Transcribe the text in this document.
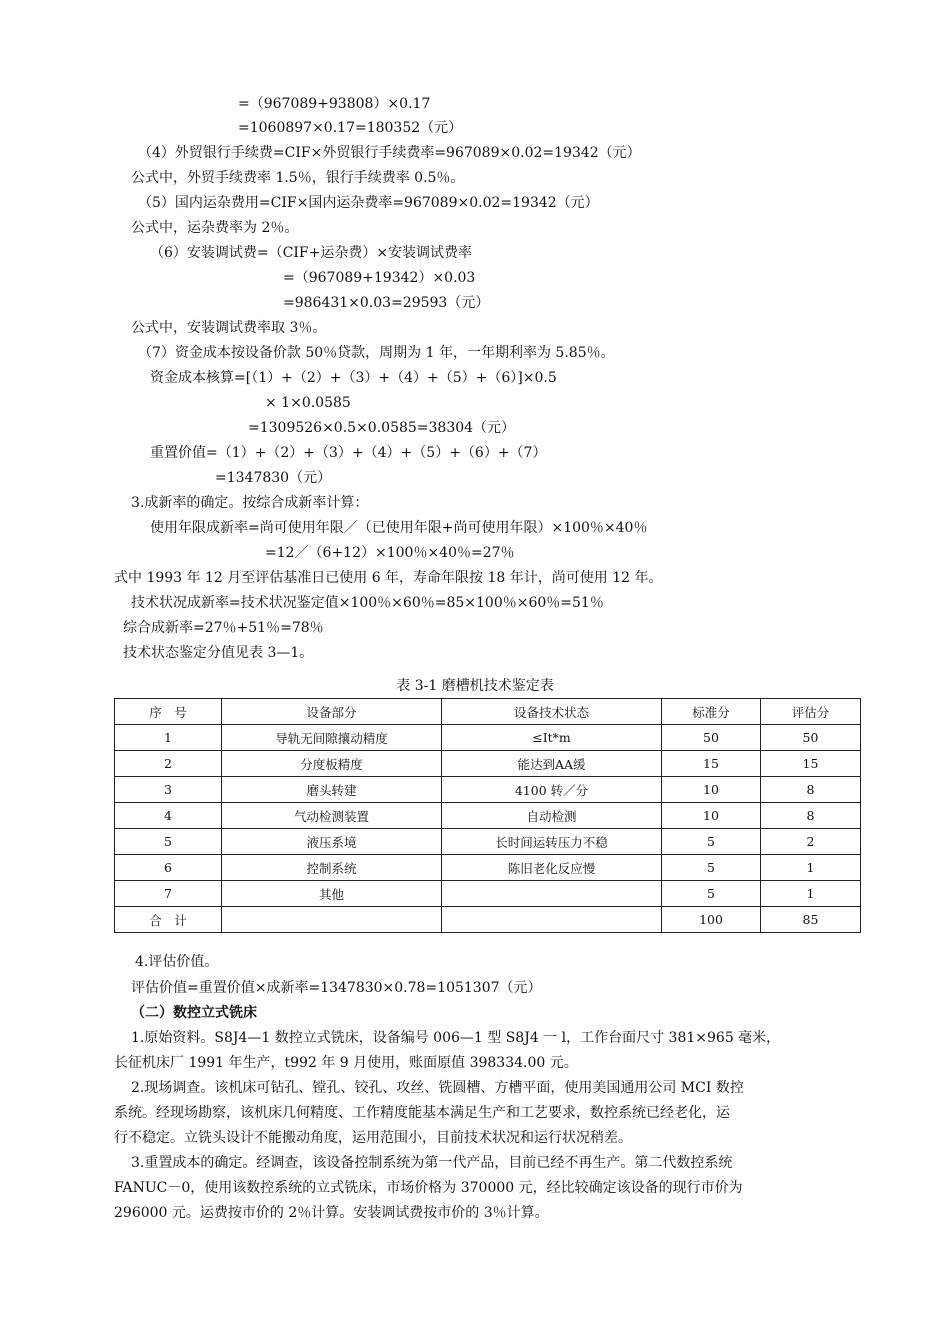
=（967089+93808）×0.17
=1060897×0.17=180352（元）
（4）外贸银行手续费=CIF×外贸银行手续费率=967089×0.02=19342（元）
公式中，外贸手续费率 1.5％，银行手续费率 0.5％。
（5）国内运杂费用=CIF×国内运杂费率=967089×0.02=19342（元）
公式中，运杂费率为 2％。
（6）安装调试费=（CIF+运杂费）×安装调试费率
=（967089+19342）×0.03
=986431×0.03=29593（元）
公式中，安装调试费率取 3％。
（7）资金成本按设备价款 50％贷款，周期为 1 年，一年期利率为 5.85％。
资金成本核算=[（1）+（2）+（3）+（4）+（5）+（6）]×0.5
× 1×0.0585
=1309526×0.5×0.0585=38304（元）
重置价值=（1）+（2）+（3）+（4）+（5）+（6）+（7）
=1347830（元）
3.成新率的确定。按综合成新率计算：
使用年限成新率=尚可使用年限／（已使用年限+尚可使用年限）×100％×40％
=12／（6+12）×100％×40％=27％
式中 1993 年 12 月至评估基准日已使用 6 年，寿命年限按 18 年计，尚可使用 12 年。
技术状况成新率=技术状况鉴定值×100％×60％=85×100％×60％=51％
综合成新率=27％+51％=78％
技术状态鉴定分值见表 3—1。
4.评估价值。
评估价值=重置价值×成新率=1347830×0.78=1051307（元）
（二）数控立式铣床
1.原始资料。S8J4—1 数控立式铣床，设备编号 006—1 型 S8J4 一 l，工作台面尺寸 381×965 毫米，
长征机床厂 1991 年生产，t992 年 9 月使用，账面原值 398334.00 元。
2.现场调查。该机床可钻孔、镗孔、铰孔、攻丝、铣圆槽、方槽平面，使用美国通用公司 MCI 数控
系统。经现场勘察，该机床几何精度、工作精度能基本满足生产和工艺要求，数控系统已经老化，运
行不稳定。立铣头设计不能搬动角度，运用范围小，目前技术状况和运行状况稍差。
3.重置成本的确定。经调查，该设备控制系统为第一代产品，目前已经不再生产。第二代数控系统
FANUC－0，使用该数控系统的立式铣床，市场价格为 370000 元，经比较确定该设备的现行市价为
296000 元。运费按市价的 2％计算。安装调试费按市价的 3％计算。
表 3-1 磨槽机技术鉴定表
序　号	设备部分	设备技术状态	标准分	评估分
1	导轨无间隙攘动精度	≤It*m	50	50
2	分度板精度	能达到AA缓	15	15
3	磨头转建	4100 转／分	10	8
4	气动检测装置	自动检测	10	8
5	液压系境	长时间运转压力不稳	5	2
6	控制系统	陈旧老化反应慢	5	1
7	其他		5	1
合　计			100	85
